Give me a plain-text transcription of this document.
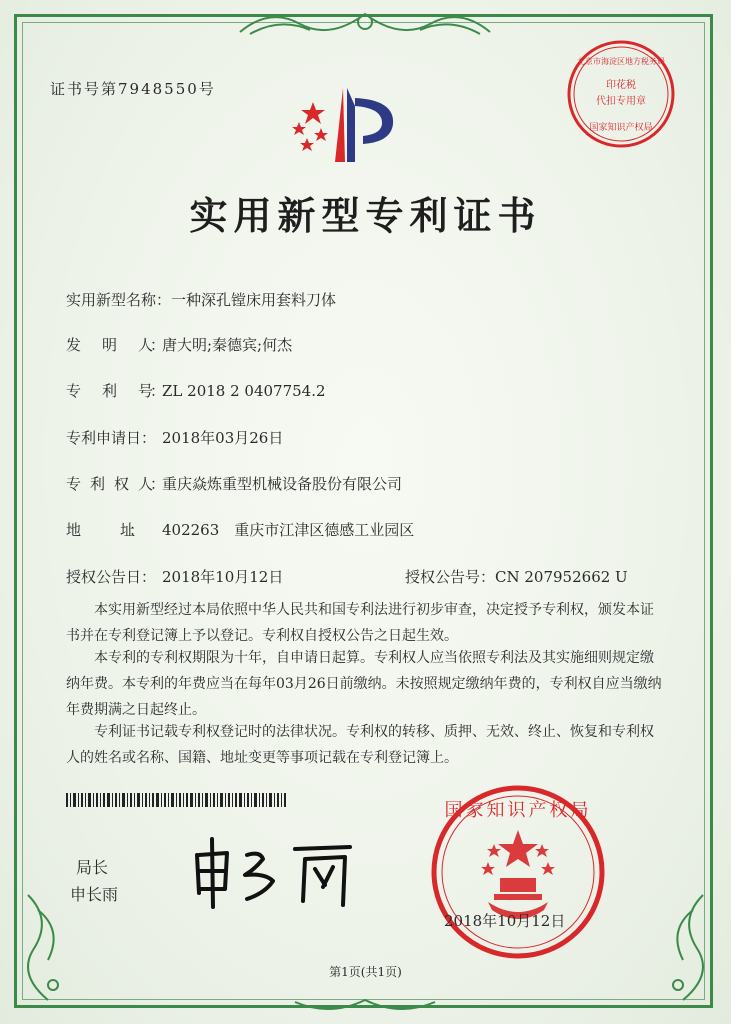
证书号第7948550号
北京市海淀区地方税务局
印花税
代扣专用章
国家知识产权局
实用新型专利证书
实用新型名称：一种深孔镗床用套料刀体
发　　明　　人：唐大明;秦德宾;何杰
专　　利　　号：ZL 2018 2 0407754.2
专利申请日： 2018年03月26日
专　利　权　人：重庆焱炼重型机械设备股份有限公司
地　　　　　址： 402263　重庆市江津区德感工业园区
授权公告日： 2018年10月12日	授权公告号：CN 207952662 U
本实用新型经过本局依照中华人民共和国专利法进行初步审查，决定授予专利权，颁发本证书并在专利登记簿上予以登记。专利权自授权公告之日起生效。
本专利的专利权期限为十年，自申请日起算。专利权人应当依照专利法及其实施细则规定缴纳年费。本专利的年费应当在每年03月26日前缴纳。未按照规定缴纳年费的，专利权自应当缴纳年费期满之日起终止。
专利证书记载专利权登记时的法律状况。专利权的转移、质押、无效、终止、恢复和专利权人的姓名或名称、国籍、地址变更等事项记载在专利登记簿上。
局长
申长雨
国家知识产权局
2018年10月12日
第1页(共1页)
